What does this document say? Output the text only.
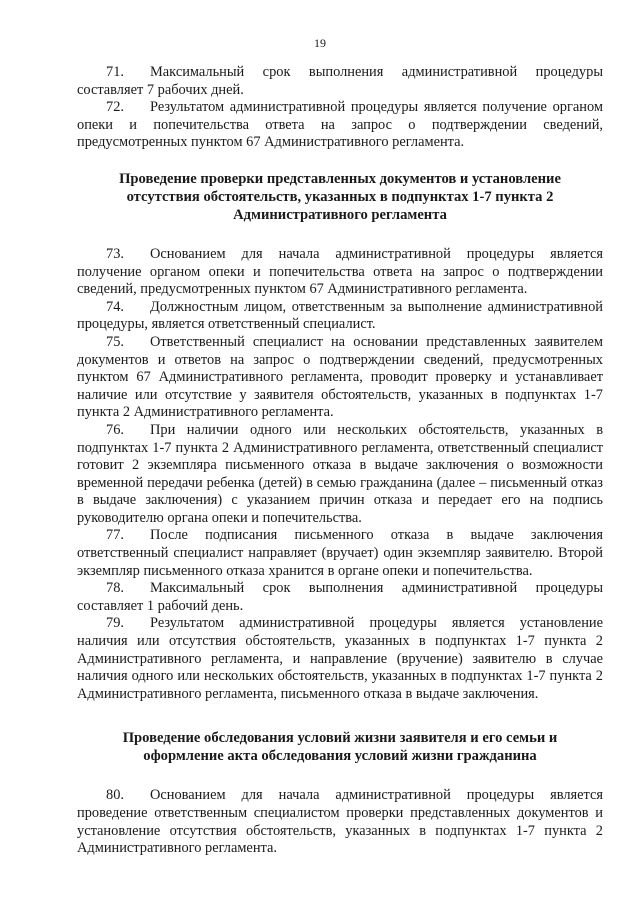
19

71. Максимальный срок выполнения административной процедуры составляет 7 рабочих дней.

72. Результатом административной процедуры является получение органом опеки и попечительства ответа на запрос о подтверждении сведений, предусмотренных пунктом 67 Административного регламента.

Проведение проверки представленных документов и установление отсутствия обстоятельств, указанных в подпунктах 1-7 пункта 2 Административного регламента

73. Основанием для начала административной процедуры является получение органом опеки и попечительства ответа на запрос о подтверждении сведений, предусмотренных пунктом 67 Административного регламента.

74. Должностным лицом, ответственным за выполнение административной процедуры, является ответственный специалист.

75. Ответственный специалист на основании представленных заявителем документов и ответов на запрос о подтверждении сведений, предусмотренных пунктом 67 Административного регламента, проводит проверку и устанавливает наличие или отсутствие у заявителя обстоятельств, указанных в подпунктах 1-7 пункта 2 Административного регламента.

76. При наличии одного или нескольких обстоятельств, указанных в подпунктах 1-7 пункта 2 Административного регламента, ответственный специалист готовит 2 экземпляра письменного отказа в выдаче заключения о возможности временной передачи ребенка (детей) в семью гражданина (далее – письменный отказ в выдаче заключения) с указанием причин отказа и передает его на подпись руководителю органа опеки и попечительства.

77. После подписания письменного отказа в выдаче заключения ответственный специалист направляет (вручает) один экземпляр заявителю. Второй экземпляр письменного отказа хранится в органе опеки и попечительства.

78. Максимальный срок выполнения административной процедуры составляет 1 рабочий день.

79. Результатом административной процедуры является установление наличия или отсутствия обстоятельств, указанных в подпунктах 1-7 пункта 2 Административного регламента, и направление (вручение) заявителю в случае наличия одного или нескольких обстоятельств, указанных в подпунктах 1-7 пункта 2 Административного регламента, письменного отказа в выдаче заключения.

Проведение обследования условий жизни заявителя и его семьи и оформление акта обследования условий жизни гражданина

80. Основанием для начала административной процедуры является проведение ответственным специалистом проверки представленных документов и установление отсутствия обстоятельств, указанных в подпунктах 1-7 пункта 2 Административного регламента.
